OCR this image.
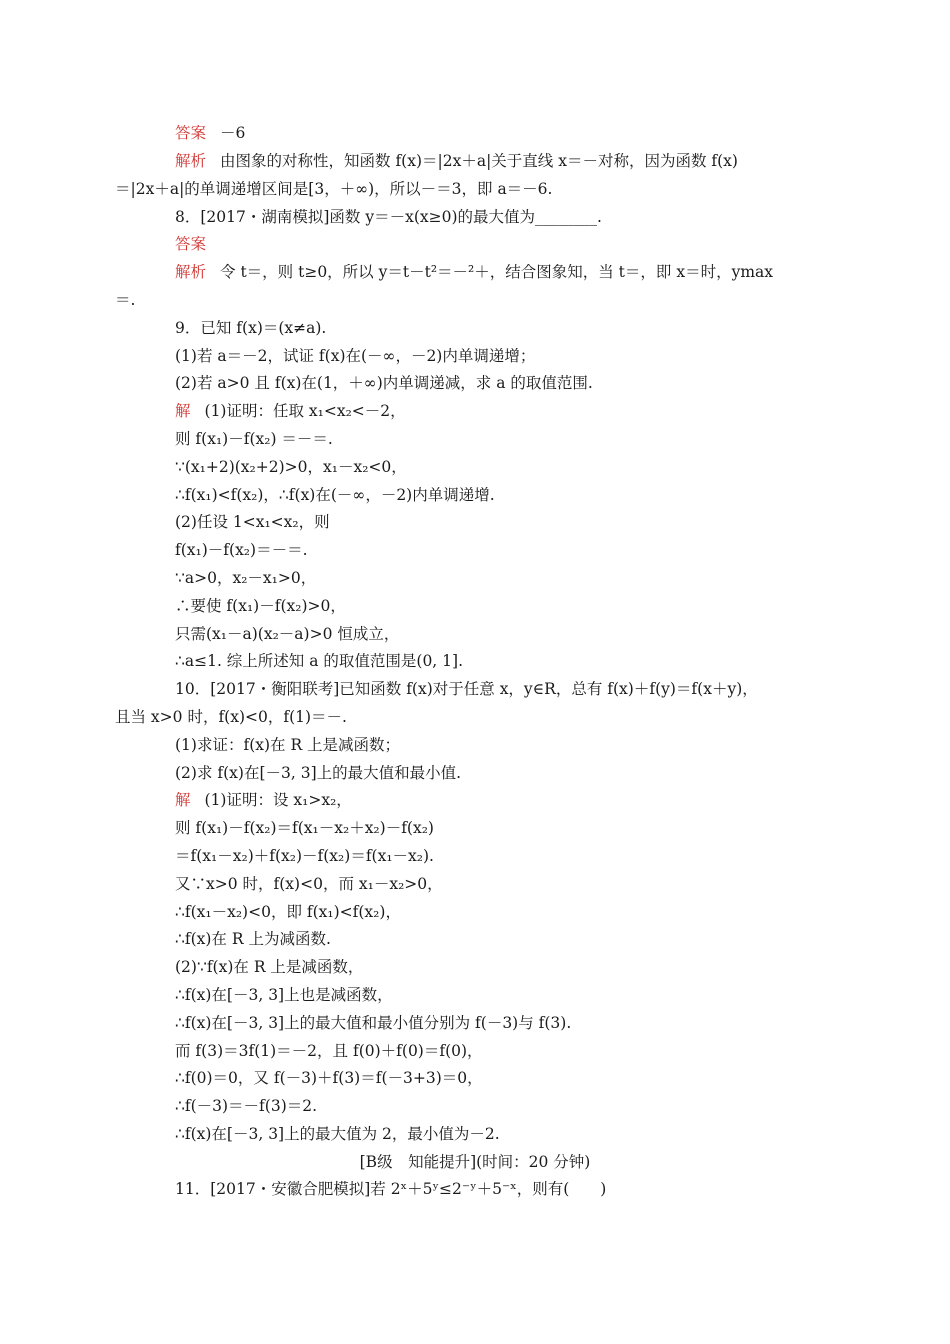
答案 －6
解析 由图象的对称性，知函数 f(x)＝|2x＋a|关于直线 x＝－对称，因为函数 f(x)
＝|2x＋a|的单调递增区间是[3，＋∞)，所以－＝3，即 a＝－6.
8．[2017・湖南模拟]函数 y＝－x(x≥0)的最大值为________.
答案
解析 令 t＝，则 t≥0，所以 y＝t－t²＝－²＋，结合图象知，当 t＝，即 x＝时，ymax
＝.
9．已知 f(x)＝(x≠a).
(1)若 a＝－2，试证 f(x)在(－∞，－2)内单调递增；
(2)若 a>0 且 f(x)在(1，＋∞)内单调递减，求 a 的取值范围.
解 (1)证明：任取 x₁<x₂<－2，
则 f(x₁)－f(x₂) ＝－＝.
∵(x₁+2)(x₂+2)>0，x₁－x₂<0，
∴f(x₁)<f(x₂)，∴f(x)在(－∞，－2)内单调递增.
(2)任设 1<x₁<x₂，则
f(x₁)－f(x₂)＝－＝.
∵a>0，x₂－x₁>0，
∴要使 f(x₁)－f(x₂)>0，
只需(x₁－a)(x₂－a)>0 恒成立，
∴a≤1. 综上所述知 a 的取值范围是(0, 1].
10．[2017・衡阳联考]已知函数 f(x)对于任意 x，y∈R，总有 f(x)＋f(y)＝f(x＋y)，
且当 x>0 时，f(x)<0，f(1)＝－.
(1)求证：f(x)在 R 上是减函数；
(2)求 f(x)在[－3, 3]上的最大值和最小值.
解 (1)证明：设 x₁>x₂，
则 f(x₁)－f(x₂)＝f(x₁－x₂＋x₂)－f(x₂)
＝f(x₁－x₂)＋f(x₂)－f(x₂)＝f(x₁－x₂).
又∵x>0 时，f(x)<0，而 x₁－x₂>0，
∴f(x₁－x₂)<0，即 f(x₁)<f(x₂)，
∴f(x)在 R 上为减函数.
(2)∵f(x)在 R 上是减函数，
∴f(x)在[－3, 3]上也是减函数，
∴f(x)在[－3, 3]上的最大值和最小值分别为 f(－3)与 f(3).
而 f(3)＝3f(1)＝－2，且 f(0)＋f(0)＝f(0)，
∴f(0)＝0，又 f(－3)＋f(3)＝f(－3+3)＝0，
∴f(－3)＝－f(3)＝2.
∴f(x)在[－3, 3]上的最大值为 2，最小值为－2.
[B级　知能提升](时间：20 分钟)
11．[2017・安徽合肥模拟]若 2ˣ＋5ʸ≤2⁻ʸ＋5⁻ˣ，则有(　　)
